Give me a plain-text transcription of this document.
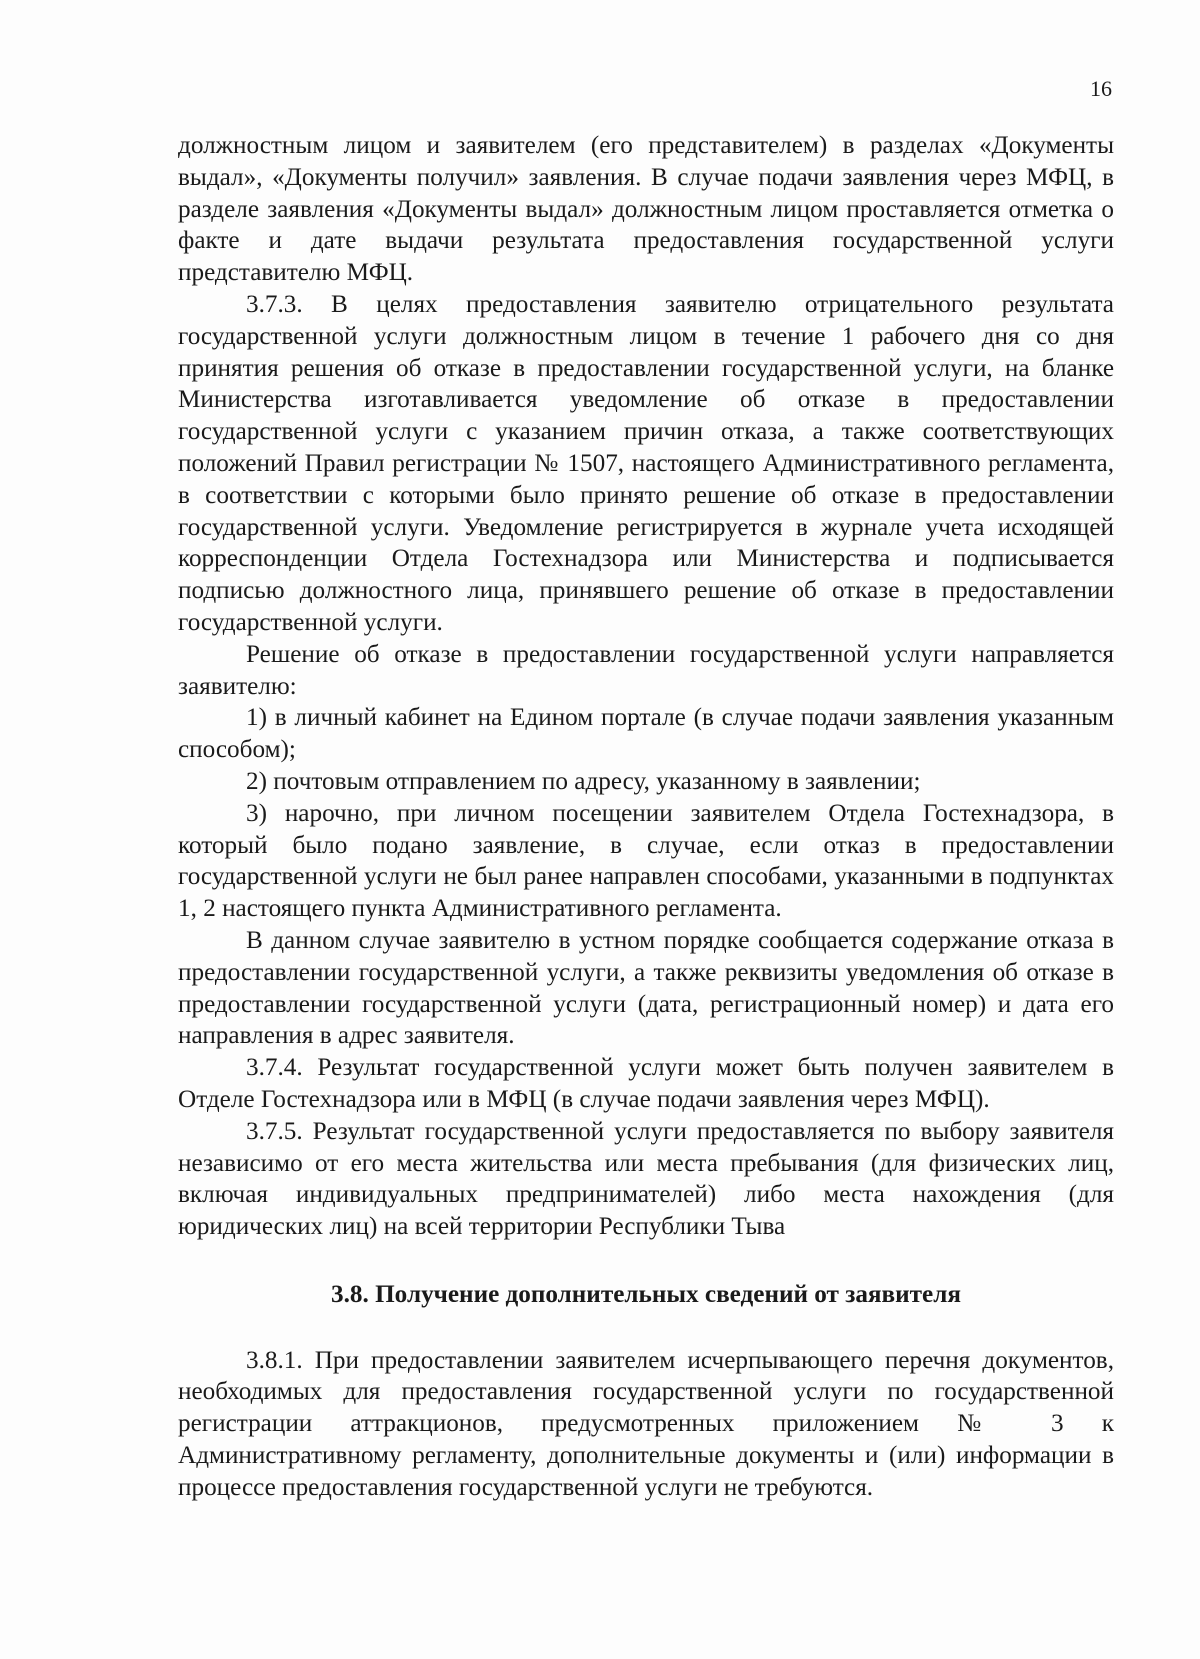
16

должностным лицом и заявителем (его представителем) в разделах «Документы выдал», «Документы получил» заявления. В случае подачи заявления через МФЦ, в разделе заявления «Документы выдал» должностным лицом проставляется отметка о факте и дате выдачи результата предоставления государственной услуги представителю МФЦ.

3.7.3. В целях предоставления заявителю отрицательного результата государственной услуги должностным лицом в течение 1 рабочего дня со дня принятия решения об отказе в предоставлении государственной услуги, на бланке Министерства изготавливается уведомление об отказе в предоставлении государственной услуги с указанием причин отказа, а также соответствующих положений Правил регистрации № 1507, настоящего Административного регламента, в соответствии с которыми было принято решение об отказе в предоставлении государственной услуги. Уведомление регистрируется в журнале учета исходящей корреспонденции Отдела Гостехнадзора или Министерства и подписывается подписью должностного лица, принявшего решение об отказе в предоставлении государственной услуги.

Решение об отказе в предоставлении государственной услуги направляется заявителю:

1) в личный кабинет на Едином портале (в случае подачи заявления указанным способом);

2) почтовым отправлением по адресу, указанному в заявлении;

3) нарочно, при личном посещении заявителем Отдела Гостехнадзора, в который было подано заявление, в случае, если отказ в предоставлении государственной услуги не был ранее направлен способами, указанными в подпунктах 1, 2 настоящего пункта Административного регламента.

В данном случае заявителю в устном порядке сообщается содержание отказа в предоставлении государственной услуги, а также реквизиты уведомления об отказе в предоставлении государственной услуги (дата, регистрационный номер) и дата его направления в адрес заявителя.

3.7.4. Результат государственной услуги может быть получен заявителем в Отделе Гостехнадзора или в МФЦ (в случае подачи заявления через МФЦ).

3.7.5. Результат государственной услуги предоставляется по выбору заявителя независимо от его места жительства или места пребывания (для физических лиц, включая индивидуальных предпринимателей) либо места нахождения (для юридических лиц) на всей территории Республики Тыва

3.8. Получение дополнительных сведений от заявителя

3.8.1. При предоставлении заявителем исчерпывающего перечня документов, необходимых для предоставления государственной услуги по государственной регистрации аттракционов, предусмотренных приложением № 3 к Административному регламенту, дополнительные документы и (или) информации в процессе предоставления государственной услуги не требуются.
